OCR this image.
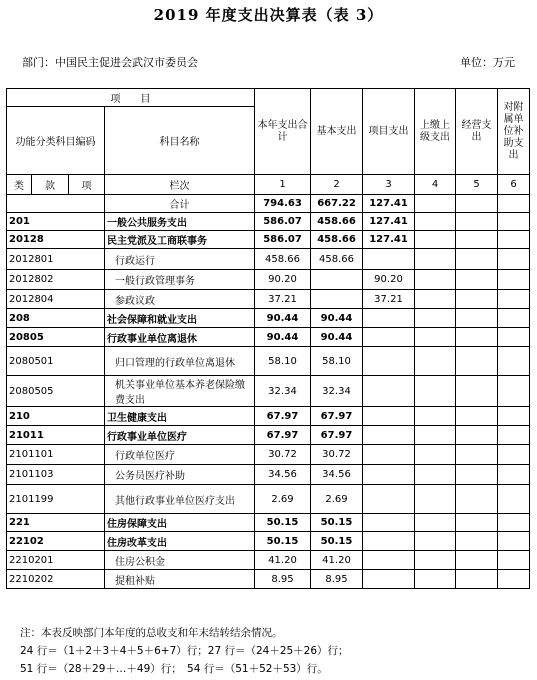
2019 年度支出决算表（表 3）
部门：中国民主促进会武汉市委员会	单位：万元
项　　目				本年支出合计	基本支出	项目支出	上缴上级支出	经营支出	对附属单位补助支出
功能分类科目编码			科目名称						
类	款	项	栏次	1	2	3	4	5	6
			合计	794.63	667.22	127.41			
201			一般公共服务支出	586.07	458.66	127.41			
20128			民主党派及工商联事务	586.07	458.66	127.41			
2012801			行政运行	458.66	458.66				
2012802			一般行政管理事务	90.20		90.20			
2012804			参政议政	37.21		37.21			
208			社会保障和就业支出	90.44	90.44				
20805			行政事业单位离退休	90.44	90.44				
2080501			归口管理的行政单位离退休	58.10	58.10				
2080505			机关事业单位基本养老保险缴费支出	32.34	32.34				
210			卫生健康支出	67.97	67.97				
21011			行政事业单位医疗	67.97	67.97				
2101101			行政单位医疗	30.72	30.72				
2101103			公务员医疗补助	34.56	34.56				
2101199			其他行政事业单位医疗支出	2.69	2.69				
221			住房保障支出	50.15	50.15				
22102			住房改革支出	50.15	50.15				
2210201			住房公积金	41.20	41.20				
2210202			提租补贴	8.95	8.95				
注：本表反映部门本年度的总收支和年末结转结余情况。
24 行＝（1＋2＋3＋4＋5＋6+7）行；27 行＝（24＋25＋26）行；
51 行＝（28＋29＋…＋49）行；　54 行＝（51＋52＋53）行。
